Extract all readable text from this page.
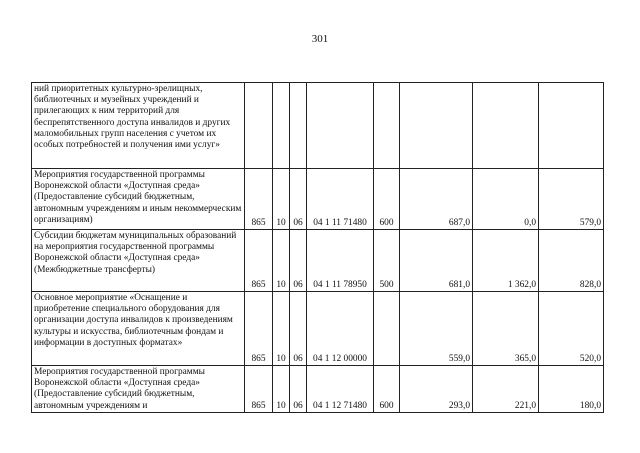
301
ний приоритетных культурно-зрелищных, библиотечных и музейных учреждений и прилегающих к ним территорий для беспрепятственного доступа инвалидов и других маломобильных групп населения с учетом их особых потребностей и получения ими услуг»								
Мероприятия государственной программы Воронежской области «Доступная среда» (Предоставление субсидий бюджетным, автономным учреждениям и иным некоммерческим организациям)	865	10	06	04 1 11 71480	600	687,0	0,0	579,0
Субсидии бюджетам муниципальных образований на мероприятия государственной программы Воронежской области «Доступная среда» (Межбюджетные трансферты)	865	10	06	04 1 11 78950	500	681,0	1 362,0	828,0
Основное мероприятие «Оснащение и приобретение специального оборудования для организации доступа инвалидов к произведениям культуры и искусства, библиотечным фондам и информации в доступных форматах»	865	10	06	04 1 12 00000		559,0	365,0	520,0
Мероприятия государственной программы Воронежской области «Доступная среда» (Предоставление субсидий бюджетным, автономным учреждениям и	865	10	06	04 1 12 71480	600	293,0	221,0	180,0
